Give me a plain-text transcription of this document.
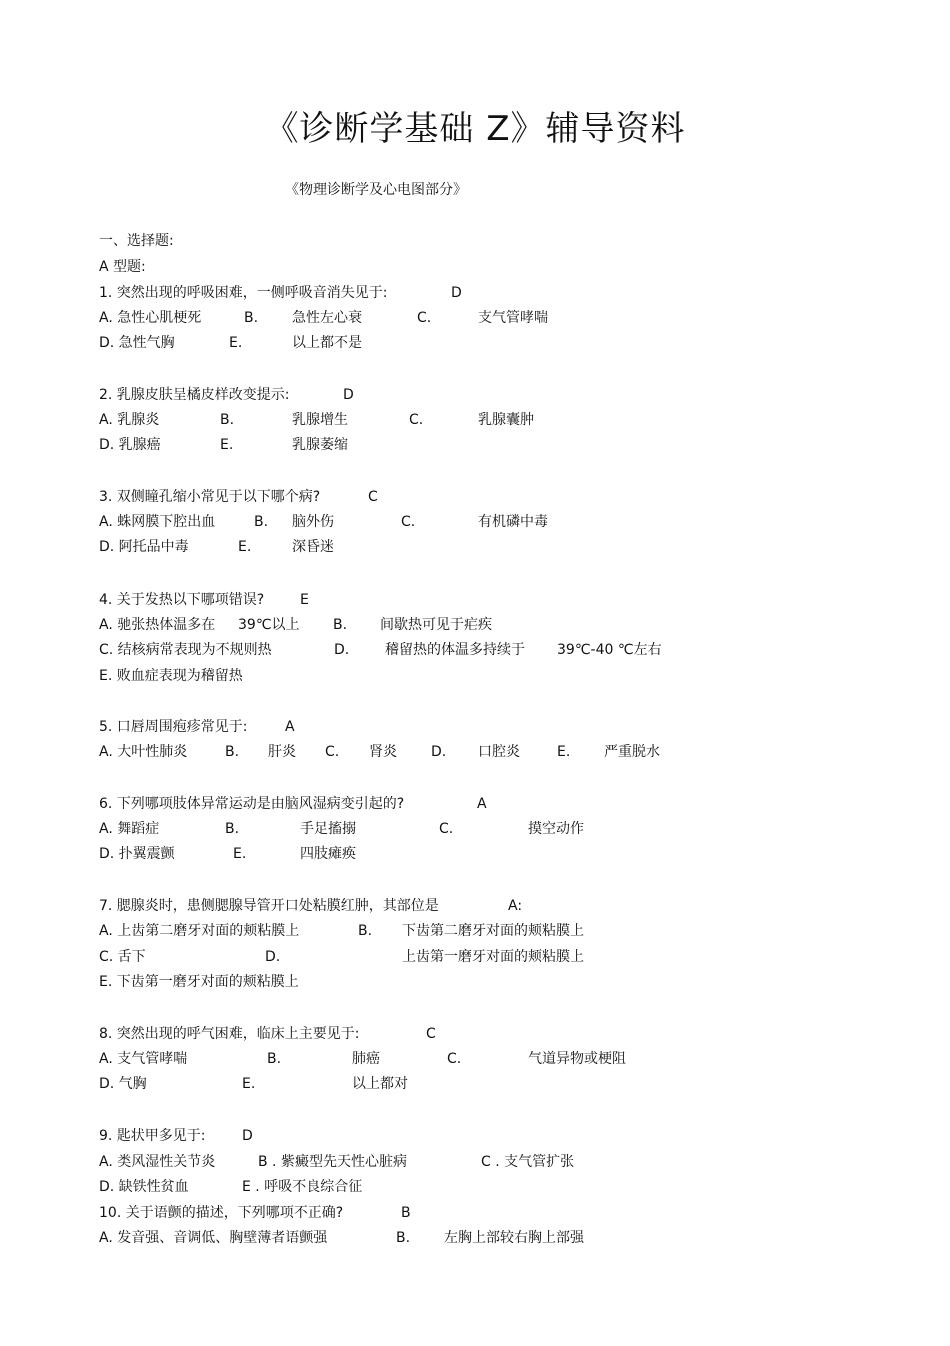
《诊断学基础 Z》辅导资料
《物理诊断学及心电图部分》
一、选择题:
A 型题:
1. 突然出现的呼吸困难，一侧呼吸音消失见于:	D
A. 急性心肌梗死	B. 急性左心衰	C.	支气管哮喘
D. 急性气胸	E.	以上都不是
2. 乳腺皮肤呈橘皮样改变提示:	D
A. 乳腺炎	B.	乳腺增生	C.	乳腺囊肿
D. 乳腺癌	E.	乳腺萎缩
3. 双侧瞳孔缩小常见于以下哪个病?	C
A. 蛛网膜下腔出血	B. 脑外伤	C.	有机磷中毒
D. 阿托品中毒	E.	深昏迷
4. 关于发热以下哪项错误?	E
A. 驰张热体温多在 39℃以上 B. 间歇热可见于疟疾
C. 结核病常表现为不规则热	D.	稽留热的体温多持续于 39℃-40 ℃左右
E. 败血症表现为稽留热
5. 口唇周围疱疹常见于:	A
A. 大叶性肺炎	B. 肝炎 C. 肾炎 D. 口腔炎	E. 严重脱水
6. 下列哪项肢体异常运动是由脑风湿病变引起的?	A
A. 舞蹈症	B.	手足搐搦	C.	摸空动作
D. 扑翼震颤	E.	四肢瘫痪
7. 腮腺炎时，患侧腮腺导管开口处粘膜红肿，其部位是	A:
A. 上齿第二磨牙对面的颊粘膜上	B. 下齿第二磨牙对面的颊粘膜上
C. 舌下	D.	上齿第一磨牙对面的颊粘膜上
E. 下齿第一磨牙对面的颊粘膜上
8. 突然出现的呼气困难，临床上主要见于:	C
A. 支气管哮喘	B.	肺癌	C.	气道异物或梗阻
D. 气胸	E.	以上都对
9. 匙状甲多见于:	D
A. 类风湿性关节炎	B . 紫癜型先天性心脏病	C . 支气管扩张
D. 缺铁性贫血	E . 呼吸不良综合征
10. 关于语颤的描述，下列哪项不正确?	B
A. 发音强、音调低、胸壁薄者语颤强	B. 左胸上部较右胸上部强
